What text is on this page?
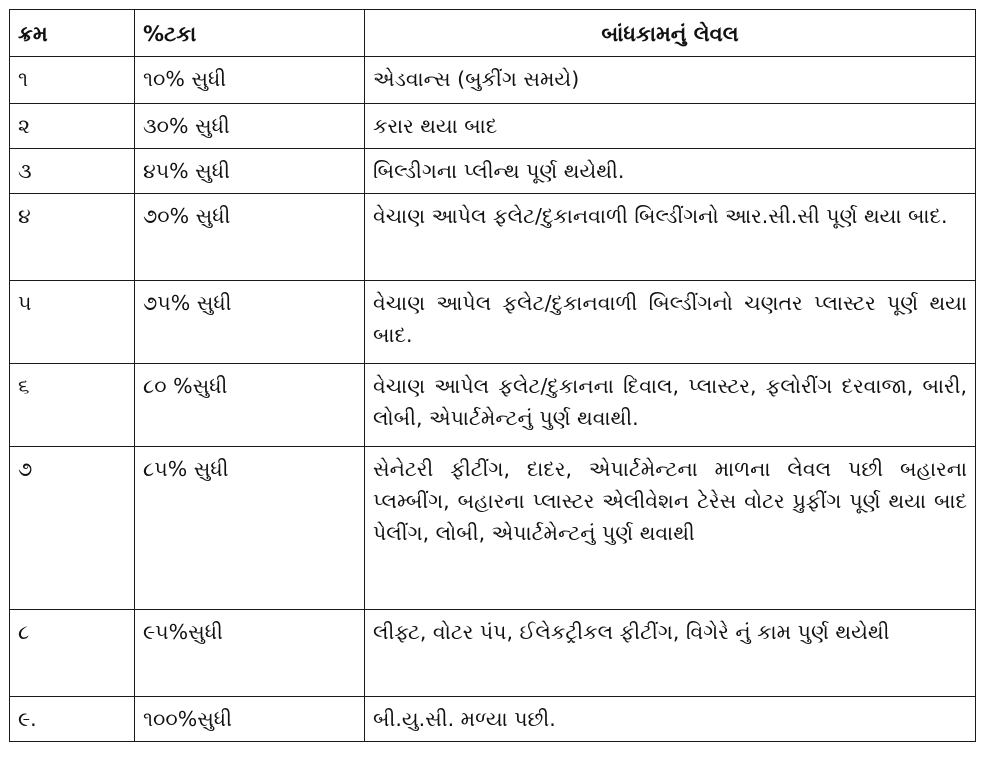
ક્રમ	%ટકા	બાંધકામનું લેવલ
૧	૧૦% સુધી	એડવાન્સ (બુકીંગ સમયે)
૨	૩૦% સુધી	કરાર થયા બાદ
૩	૪૫% સુધી	બિલ્ડીગના પ્લીન્થ પૂર્ણ થયેથી.
૪	૭૦% સુધી	વેચાણ આપેલ ફલેટ/દુકાનવાળી બિલ્ડીંગનો આર.સી.સી પૂર્ણ થયા બાદ.
૫	૭૫% સુધી	વેચાણ આપેલ ફલેટ/દુકાનવાળી બિલ્ડીંગનો ચણતર પ્લાસ્ટર પૂર્ણ થયા બાદ.
૬	૮૦ %સુધી	વેચાણ આપેલ ફલેટ/દુકાનના દિવાલ, પ્લાસ્ટર, ફલોરીંગ દરવાજા, બારી, લોબી, એપાર્ટમેન્ટનું પુર્ણ થવાથી.
૭	૮૫% સુધી	સેનેટરી ફીટીંગ, દાદર, એપાર્ટમેન્ટના માળના લેવલ પછી બહારના પ્લમ્બીંગ, બહારના પ્લાસ્ટર એલીવેશન ટેરેસ વોટર પ્રુફીંગ પૂર્ણ થયા બાદ પેલીંગ, લોબી, એપાર્ટમેન્ટનું પુર્ણ થવાથી
૮	૯૫%સુધી	લીફ્ટ, વોટર પંપ, ઈલેકટ્રીકલ ફીટીંગ, વિગેરે નું કામ પુર્ણ થયેથી
૯.	૧૦૦%સુધી	બી.યુ.સી. મળ્યા પછી.
